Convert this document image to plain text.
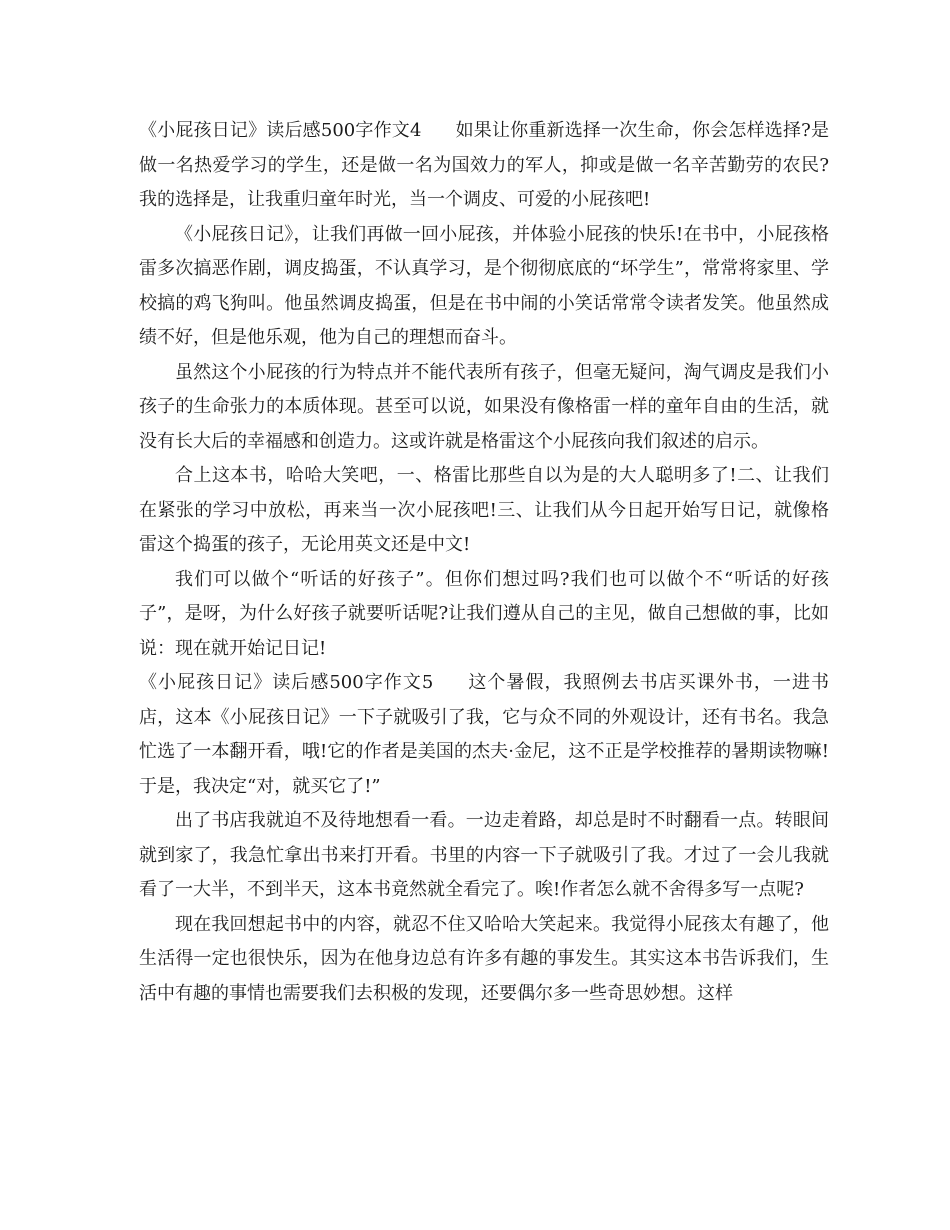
《小屁孩日记》读后感500字作文4 如果让你重新选择一次生命，你会怎样选择?是做一名热爱学习的学生，还是做一名为国效力的军人，抑或是做一名辛苦勤劳的农民?我的选择是，让我重归童年时光，当一个调皮、可爱的小屁孩吧!

《小屁孩日记》，让我们再做一回小屁孩，并体验小屁孩的快乐!在书中，小屁孩格雷多次搞恶作剧，调皮捣蛋，不认真学习，是个彻彻底底的“坏学生”，常常将家里、学校搞的鸡飞狗叫。他虽然调皮捣蛋，但是在书中闹的小笑话常常令读者发笑。他虽然成绩不好，但是他乐观，他为自己的理想而奋斗。

虽然这个小屁孩的行为特点并不能代表所有孩子，但毫无疑问，淘气调皮是我们小孩子的生命张力的本质体现。甚至可以说，如果没有像格雷一样的童年自由的生活，就没有长大后的幸福感和创造力。这或许就是格雷这个小屁孩向我们叙述的启示。

合上这本书，哈哈大笑吧，一、格雷比那些自以为是的大人聪明多了!二、让我们在紧张的学习中放松，再来当一次小屁孩吧!三、让我们从今日起开始写日记，就像格雷这个捣蛋的孩子，无论用英文还是中文!

我们可以做个“听话的好孩子”。但你们想过吗?我们也可以做个不“听话的好孩子”，是呀，为什么好孩子就要听话呢?让我们遵从自己的主见，做自己想做的事，比如说：现在就开始记日记!

《小屁孩日记》读后感500字作文5 这个暑假，我照例去书店买课外书，一进书店，这本《小屁孩日记》一下子就吸引了我，它与众不同的外观设计，还有书名。我急忙选了一本翻开看，哦!它的作者是美国的杰夫·金尼，这不正是学校推荐的暑期读物嘛!于是，我决定“对，就买它了!”

出了书店我就迫不及待地想看一看。一边走着路，却总是时不时翻看一点。转眼间就到家了，我急忙拿出书来打开看。书里的内容一下子就吸引了我。才过了一会儿我就看了一大半，不到半天，这本书竟然就全看完了。唉!作者怎么就不舍得多写一点呢?

现在我回想起书中的内容，就忍不住又哈哈大笑起来。我觉得小屁孩太有趣了，他生活得一定也很快乐，因为在他身边总有许多有趣的事发生。其实这本书告诉我们，生活中有趣的事情也需要我们去积极的发现，还要偶尔多一些奇思妙想。这样
